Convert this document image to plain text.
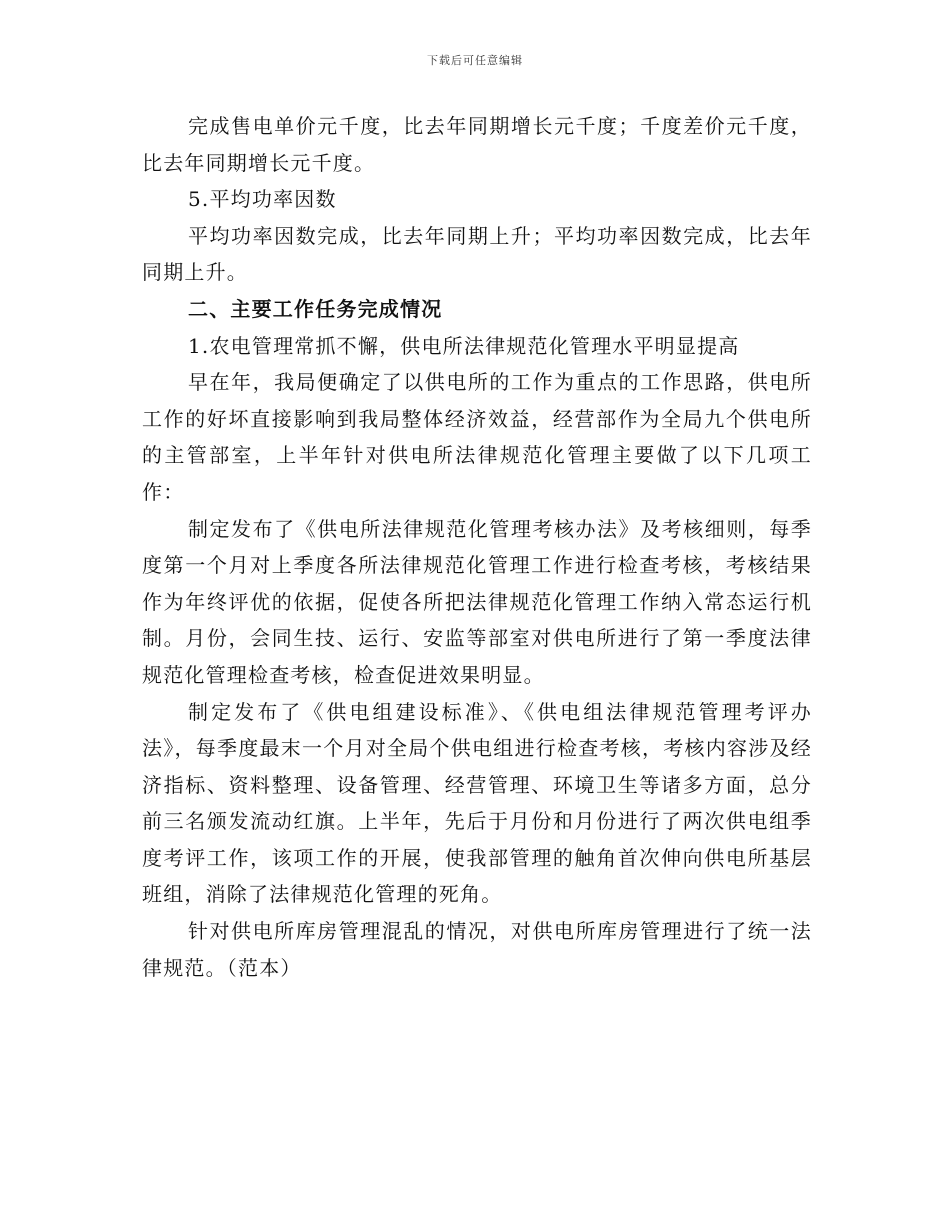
下载后可任意编辑

完成售电单价元千度，比去年同期增长元千度；千度差价元千度，比去年同期增长元千度。

5.平均功率因数

平均功率因数完成，比去年同期上升；平均功率因数完成，比去年同期上升。

二、主要工作任务完成情况

1.农电管理常抓不懈，供电所法律规范化管理水平明显提高

早在年，我局便确定了以供电所的工作为重点的工作思路，供电所工作的好坏直接影响到我局整体经济效益，经营部作为全局九个供电所的主管部室，上半年针对供电所法律规范化管理主要做了以下几项工作：

制定发布了《供电所法律规范化管理考核办法》及考核细则，每季度第一个月对上季度各所法律规范化管理工作进行检查考核，考核结果作为年终评优的依据，促使各所把法律规范化管理工作纳入常态运行机制。月份，会同生技、运行、安监等部室对供电所进行了第一季度法律规范化管理检查考核，检查促进效果明显。

制定发布了《供电组建设标准》、《供电组法律规范管理考评办法》，每季度最末一个月对全局个供电组进行检查考核，考核内容涉及经济指标、资料整理、设备管理、经营管理、环境卫生等诸多方面，总分前三名颁发流动红旗。上半年，先后于月份和月份进行了两次供电组季度考评工作，该项工作的开展，使我部管理的触角首次伸向供电所基层班组，消除了法律规范化管理的死角。

针对供电所库房管理混乱的情况，对供电所库房管理进行了统一法律规范。（范本）
